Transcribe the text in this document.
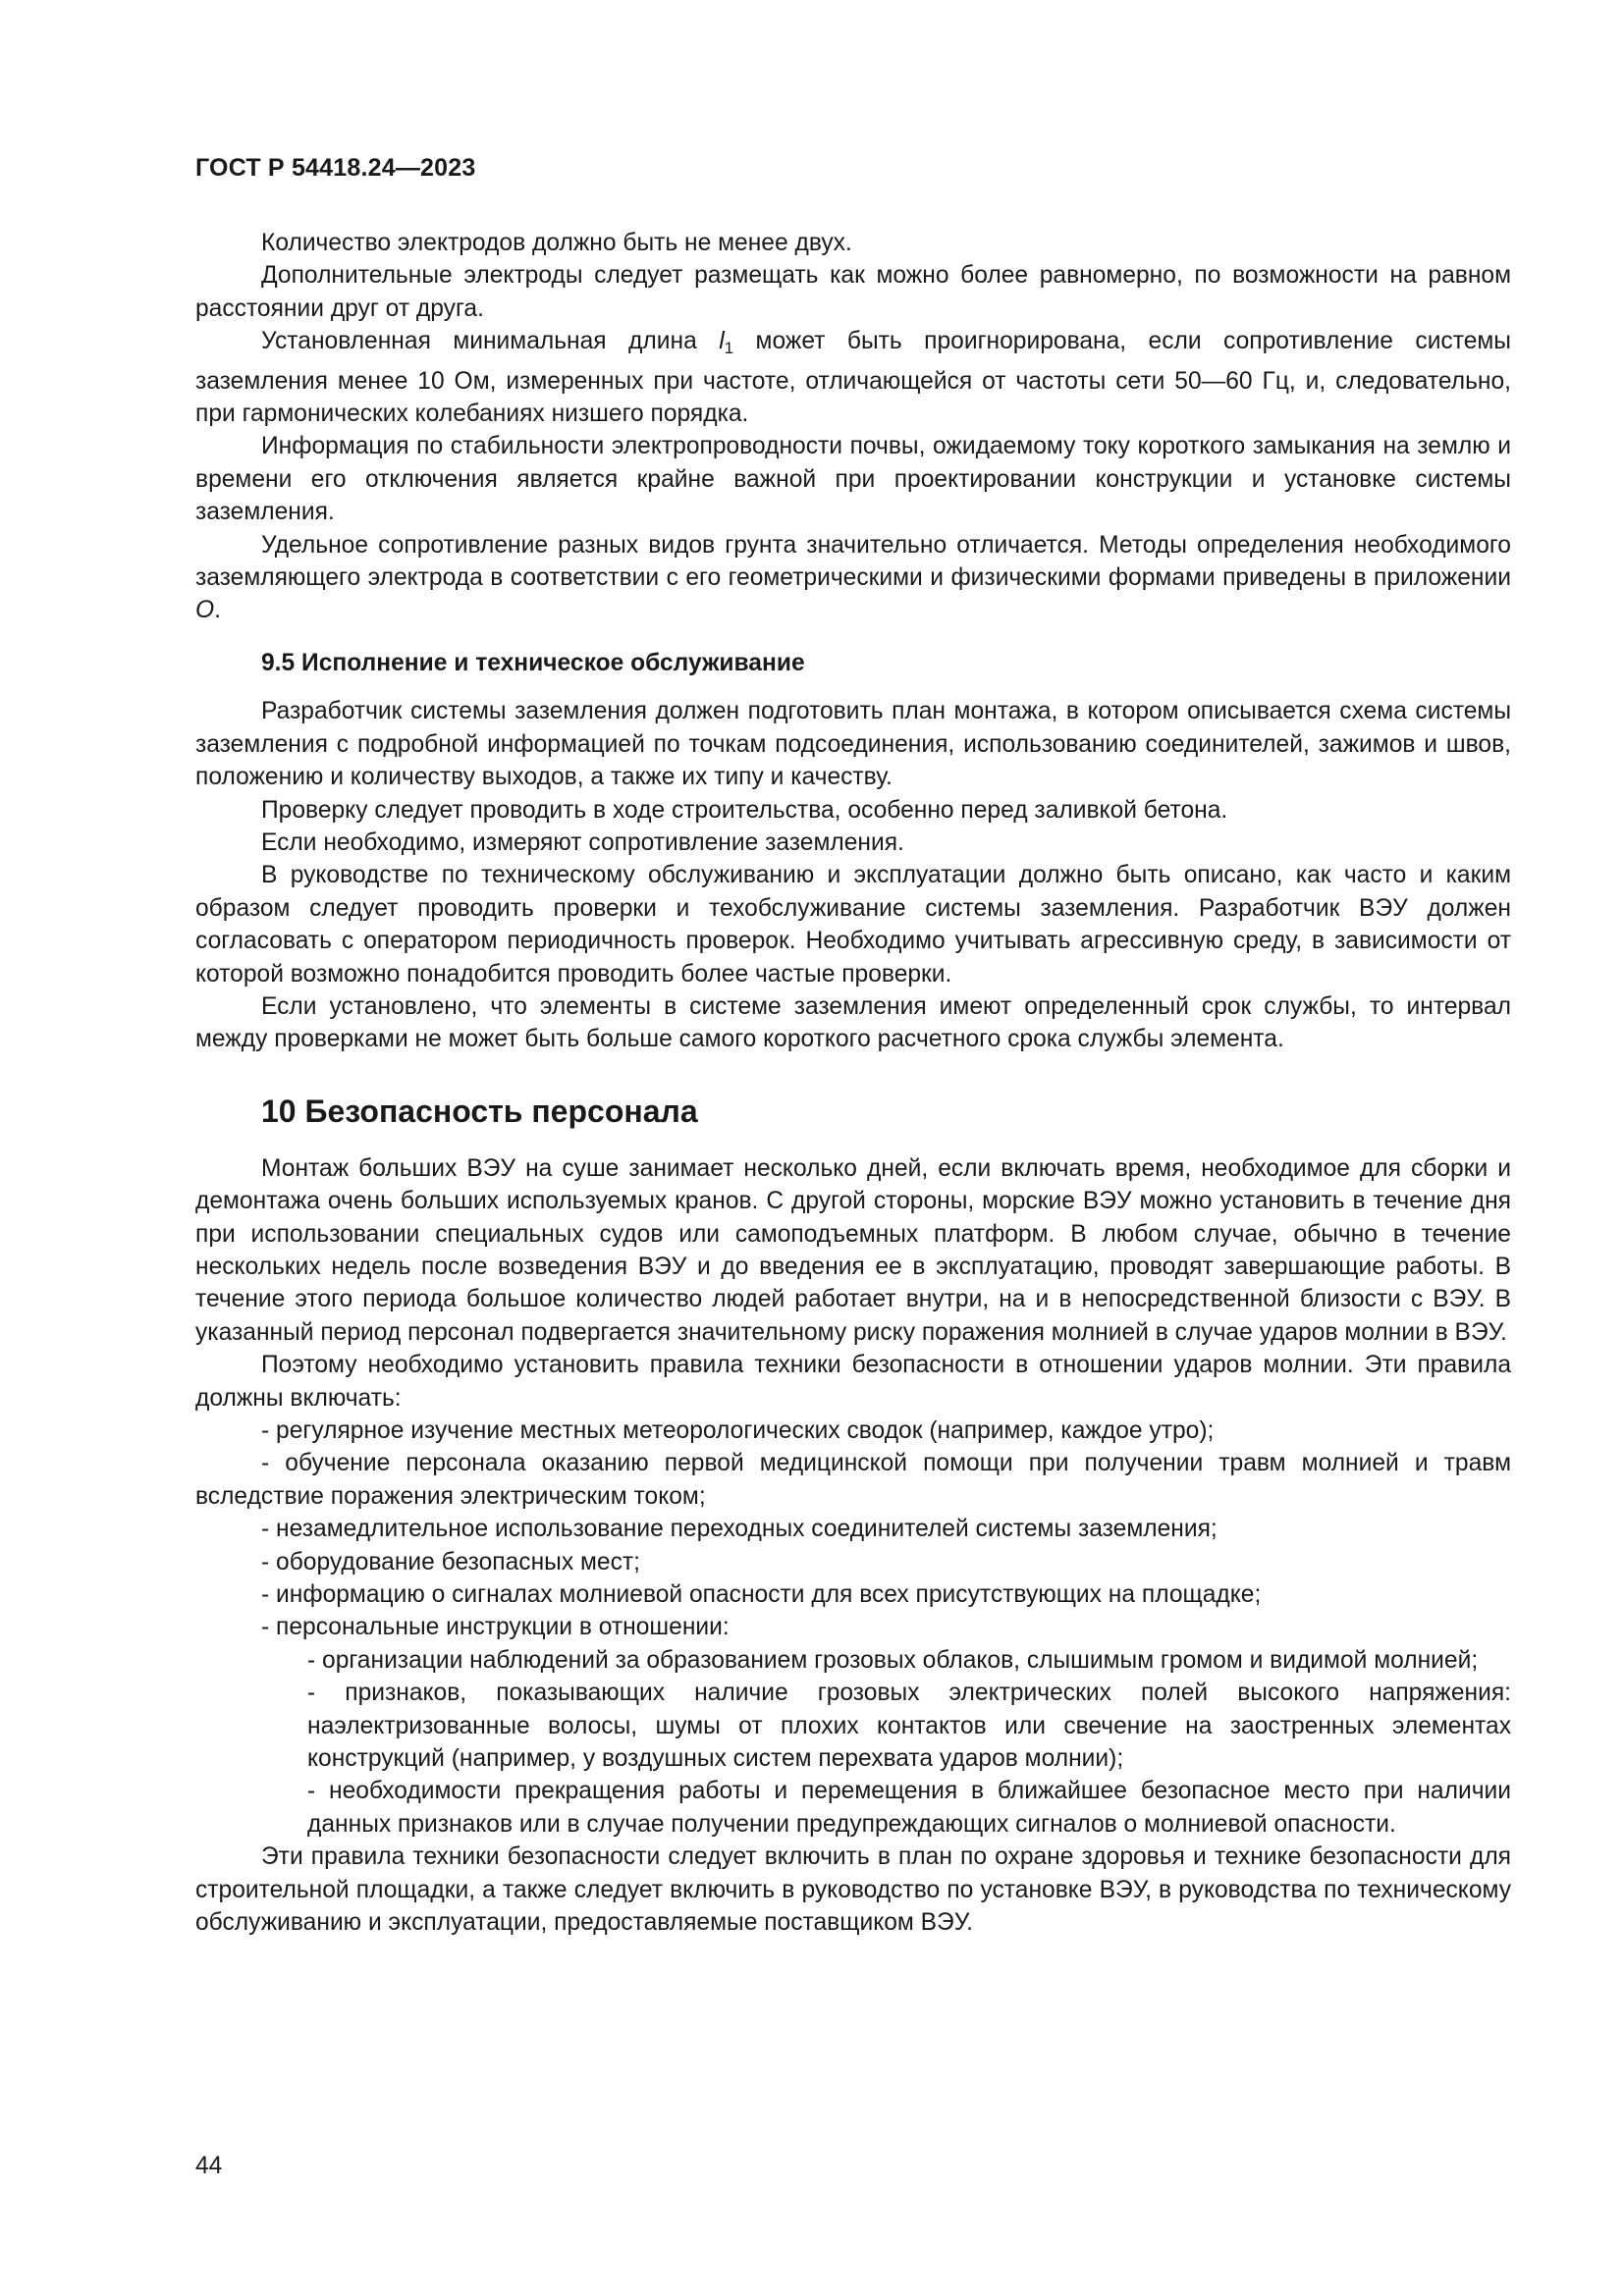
ГОСТ Р 54418.24—2023

Количество электродов должно быть не менее двух.

Дополнительные электроды следует размещать как можно более равномерно, по возможности на равном расстоянии друг от друга.

Установленная минимальная длина $l_1$ может быть проигнорирована, если сопротивление системы заземления менее 10 Ом, измеренных при частоте, отличающейся от частоты сети 50—60 Гц, и, следовательно, при гармонических колебаниях низшего порядка.

Информация по стабильности электропроводности почвы, ожидаемому току короткого замыкания на землю и времени его отключения является крайне важной при проектировании конструкции и установке системы заземления.

Удельное сопротивление разных видов грунта значительно отличается. Методы определения необходимого заземляющего электрода в соответствии с его геометрическими и физическими формами приведены в приложении О.

9.5 Исполнение и техническое обслуживание

Разработчик системы заземления должен подготовить план монтажа, в котором описывается схема системы заземления с подробной информацией по точкам подсоединения, использованию соединителей, зажимов и швов, положению и количеству выходов, а также их типу и качеству.

Проверку следует проводить в ходе строительства, особенно перед заливкой бетона.

Если необходимо, измеряют сопротивление заземления.

В руководстве по техническому обслуживанию и эксплуатации должно быть описано, как часто и каким образом следует проводить проверки и техобслуживание системы заземления. Разработчик ВЭУ должен согласовать с оператором периодичность проверок. Необходимо учитывать агрессивную среду, в зависимости от которой возможно понадобится проводить более частые проверки.

Если установлено, что элементы в системе заземления имеют определенный срок службы, то интервал между проверками не может быть больше самого короткого расчетного срока службы элемента.

10 Безопасность персонала

Монтаж больших ВЭУ на суше занимает несколько дней, если включать время, необходимое для сборки и демонтажа очень больших используемых кранов. С другой стороны, морские ВЭУ можно установить в течение дня при использовании специальных судов или самоподъемных платформ. В любом случае, обычно в течение нескольких недель после возведения ВЭУ и до введения ее в эксплуатацию, проводят завершающие работы. В течение этого периода большое количество людей работает внутри, на и в непосредственной близости с ВЭУ. В указанный период персонал подвергается значительному риску поражения молнией в случае ударов молнии в ВЭУ.

Поэтому необходимо установить правила техники безопасности в отношении ударов молнии. Эти правила должны включать:

- регулярное изучение местных метеорологических сводок (например, каждое утро);

- обучение персонала оказанию первой медицинской помощи при получении травм молнией и травм вследствие поражения электрическим током;

- незамедлительное использование переходных соединителей системы заземления;

- оборудование безопасных мест;

- информацию о сигналах молниевой опасности для всех присутствующих на площадке;

- персональные инструкции в отношении:

- организации наблюдений за образованием грозовых облаков, слышимым громом и видимой молнией;

- признаков, показывающих наличие грозовых электрических полей высокого напряжения: наэлектризованные волосы, шумы от плохих контактов или свечение на заостренных элементах конструкций (например, у воздушных систем перехвата ударов молнии);

- необходимости прекращения работы и перемещения в ближайшее безопасное место при наличии данных признаков или в случае получении предупреждающих сигналов о молниевой опасности.

Эти правила техники безопасности следует включить в план по охране здоровья и технике безопасности для строительной площадки, а также следует включить в руководство по установке ВЭУ, в руководства по техническому обслуживанию и эксплуатации, предоставляемые поставщиком ВЭУ.

44
